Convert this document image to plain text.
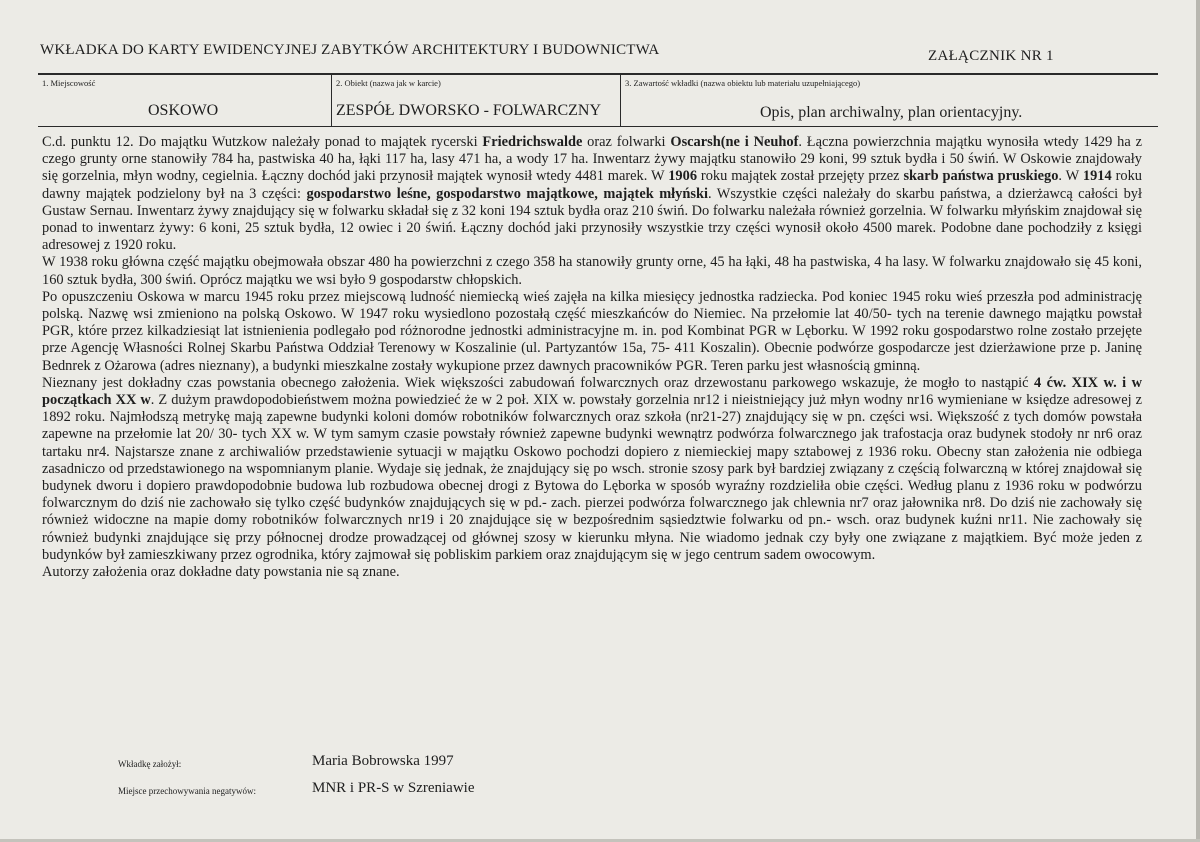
WKŁADKA DO KARTY EWIDENCYJNEJ ZABYTKÓW ARCHITEKTURY I BUDOWNICTWA	ZAŁĄCZNIK NR 1
1. Miejscowość
OSKOWO
2. Obiekt (nazwa jak w karcie)
ZESPÓŁ DWORSKO - FOLWARCZNY
3. Zawartość wkładki (nazwa obiektu lub materiału uzupełniającego)
Opis, plan archiwalny, plan orientacyjny.

C.d. punktu 12. Do majątku Wutzkow należały ponad to majątek rycerski Friedrichswalde oraz folwarki Oscarsh(ne i Neuhof. Łączna powierzchnia majątku wynosiła wtedy 1429 ha z czego grunty orne stanowiły 784 ha, pastwiska 40 ha, łąki 117 ha, lasy 471 ha, a wody 17 ha. Inwentarz żywy majątku stanowiło 29 koni, 99 sztuk bydła i 50 świń. W Oskowie znajdowały się gorzelnia, młyn wodny, cegielnia. Łączny dochód jaki przynosił majątek wynosił wtedy 4481 marek. W 1906 roku majątek został przejęty przez skarb państwa pruskiego. W 1914 roku dawny majątek podzielony był na 3 części: gospodarstwo leśne, gospodarstwo majątkowe, majątek młyński. Wszystkie części należały do skarbu państwa, a dzierżawcą całości był Gustaw Sernau. Inwentarz żywy znajdujący się w folwarku składał się z 32 koni 194 sztuk bydła oraz 210 świń. Do folwarku należała również gorzelnia. W folwarku młyńskim znajdował się ponad to inwentarz żywy: 6 koni, 25 sztuk bydła, 12 owiec i 20 świń. Łączny dochód jaki przynosiły wszystkie trzy części wynosił około 4500 marek. Podobne dane pochodziły z księgi adresowej z 1920 roku.

W 1938 roku główna część majątku obejmowała obszar 480 ha powierzchni z czego 358 ha stanowiły grunty orne, 45 ha łąki, 48 ha pastwiska, 4 ha lasy. W folwarku znajdowało się 45 koni, 160 sztuk bydła, 300 świń. Oprócz majątku we wsi było 9 gospodarstw chłopskich.

Po opuszczeniu Oskowa w marcu 1945 roku przez miejscową ludność niemiecką wieś zajęła na kilka miesięcy jednostka radziecka. Pod koniec 1945 roku wieś przeszła pod administrację polską. Nazwę wsi zmieniono na polską Oskowo. W 1947 roku wysiedlono pozostałą część mieszkańców do Niemiec. Na przełomie lat 40/50- tych na terenie dawnego majątku powstał PGR, które przez kilkadziesiąt lat istnienienia podlegało pod różnorodne jednostki administracyjne m. in. pod Kombinat PGR w Lęborku. W 1992 roku gospodarstwo rolne zostało przejęte prze Agencję Własności Rolnej Skarbu Państwa Oddział Terenowy w Koszalinie (ul. Partyzantów 15a, 75- 411 Koszalin). Obecnie podwórze gospodarcze jest dzierżawione prze p. Janinę Bednrek z Ożarowa (adres nieznany), a budynki mieszkalne zostały wykupione przez dawnych pracowników PGR. Teren parku jest własnością gminną.

Nieznany jest dokładny czas powstania obecnego założenia. Wiek większości zabudowań folwarcznych oraz drzewostanu parkowego wskazuje, że mogło to nastąpić 4 ćw. XIX w. i w początkach XX w. Z dużym prawdopodobieństwem można powiedzieć że w 2 poł. XIX w. powstały gorzelnia nr12 i nieistniejący już młyn wodny nr16 wymieniane w księdze adresowej z 1892 roku. Najmłodszą metrykę mają zapewne budynki koloni domów robotników folwarcznych oraz szkoła (nr21-27) znajdujący się w pn. części wsi. Większość z tych domów powstała zapewne na przełomie lat 20/ 30- tych XX w. W tym samym czasie powstały również zapewne budynki wewnątrz podwórza folwarcznego jak trafostacja oraz budynek stodoły nr nr6 oraz tartaku nr4. Najstarsze znane z archiwaliów przedstawienie sytuacji w majątku Oskowo pochodzi dopiero z niemieckiej mapy sztabowej z 1936 roku. Obecny stan założenia nie odbiega zasadniczo od przedstawionego na wspomnianym planie. Wydaje się jednak, że znajdujący się po wsch. stronie szosy park był bardziej związany z częścią folwarczną w której znajdował się budynek dworu i dopiero prawdopodobnie budowa lub rozbudowa obecnej drogi z Bytowa do Lęborka w sposób wyraźny rozdzieliła obie części. Według planu z 1936 roku w podwórzu folwarcznym do dziś nie zachowało się tylko część budynków znajdujących się w pd.- zach. pierzei podwórza folwarcznego jak chlewnia nr7 oraz jałownika nr8. Do dziś nie zachowały się również widoczne na mapie domy robotników folwarcznych nr19 i 20 znajdujące się w bezpośrednim sąsiedztwie folwarku od pn.- wsch. oraz budynek kuźni nr11. Nie zachowały się również budynki znajdujące się przy północnej drodze prowadzącej od głównej szosy w kierunku młyna. Nie wiadomo jednak czy były one związane z majątkiem. Być może jeden z budynków był zamieszkiwany przez ogrodnika, który zajmował się pobliskim parkiem oraz znajdującym się w jego centrum sadem owocowym.

Autorzy założenia oraz dokładne daty powstania nie są znane.

Wkładkę założył:	Maria Bobrowska 1997
Miejsce przechowywania negatywów:	MNR i PR-S w Szreniawie
